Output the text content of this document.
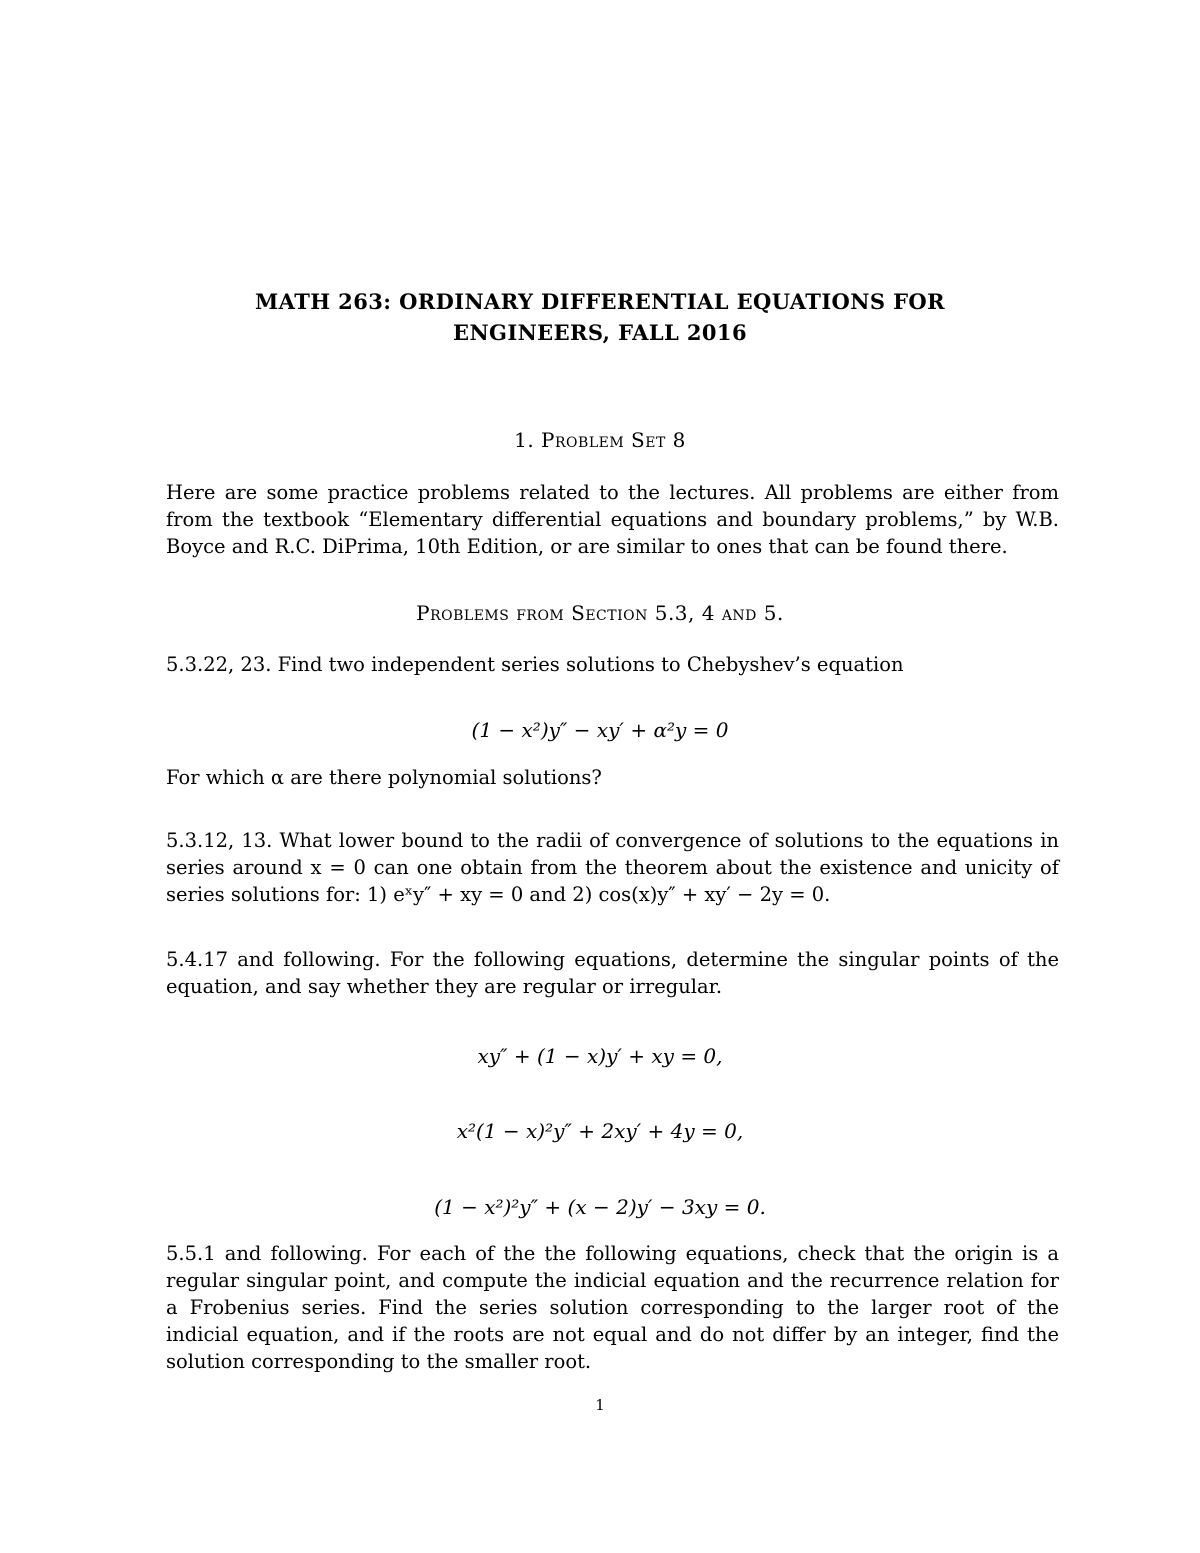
MATH 263: ORDINARY DIFFERENTIAL EQUATIONS FOR
ENGINEERS, FALL 2016
1. Problem Set 8
Here are some practice problems related to the lectures. All problems are either from from the textbook “Elementary differential equations and boundary problems,” by W.B. Boyce and R.C. DiPrima, 10th Edition, or are similar to ones that can be found there.
Problems from Section 5.3, 4 and 5.
5.3.22, 23. Find two independent series solutions to Chebyshev’s equation
(1 − x²)y″ − xy′ + α²y = 0
For which α are there polynomial solutions?
5.3.12, 13. What lower bound to the radii of convergence of solutions to the equations in series around x = 0 can one obtain from the theorem about the existence and unicity of series solutions for: 1) eˣy″ + xy = 0 and 2) cos(x)y″ + xy′ − 2y = 0.
5.4.17 and following. For the following equations, determine the singular points of the equation, and say whether they are regular or irregular.
xy″ + (1 − x)y′ + xy = 0,
x²(1 − x)²y″ + 2xy′ + 4y = 0,
(1 − x²)²y″ + (x − 2)y′ − 3xy = 0.
5.5.1 and following. For each of the the following equations, check that the origin is a regular singular point, and compute the indicial equation and the recurrence relation for a Frobenius series. Find the series solution corresponding to the larger root of the indicial equation, and if the roots are not equal and do not differ by an integer, find the solution corresponding to the smaller root.
1
